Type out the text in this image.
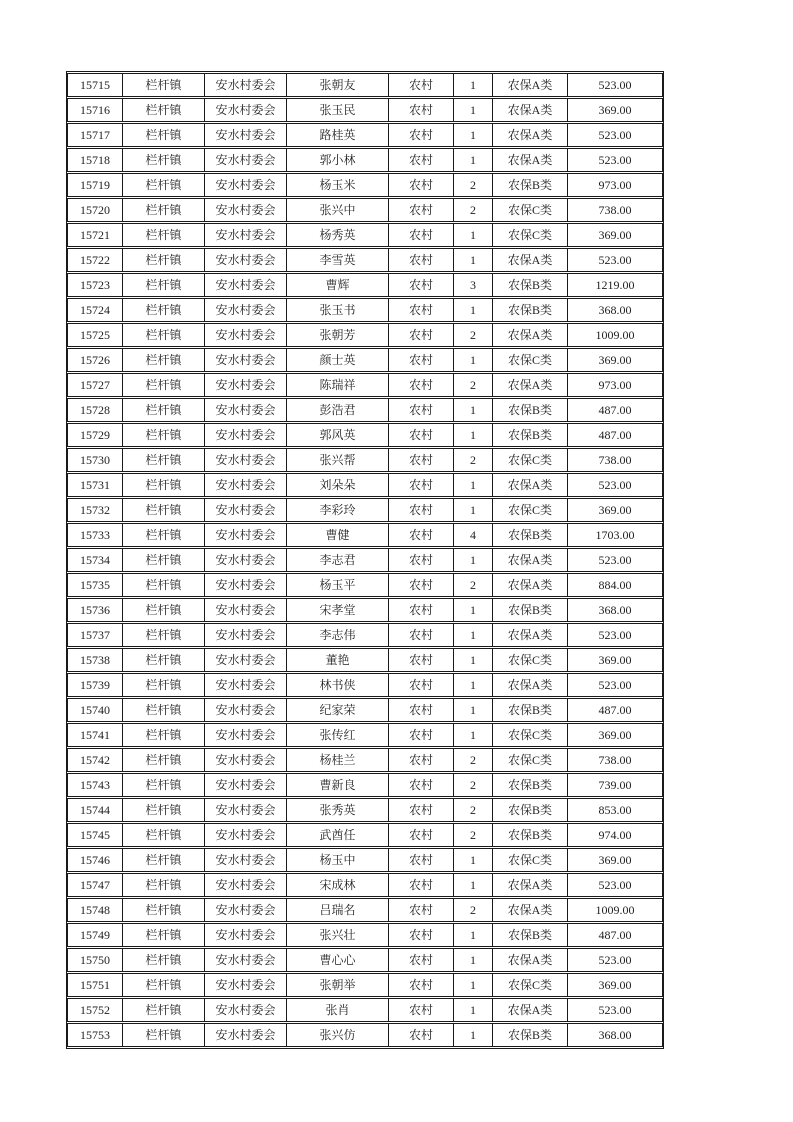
15715	栏杆镇	安水村委会	张朝友	农村	1	农保A类	523.00
15716	栏杆镇	安水村委会	张玉民	农村	1	农保A类	369.00
15717	栏杆镇	安水村委会	路桂英	农村	1	农保A类	523.00
15718	栏杆镇	安水村委会	郭小林	农村	1	农保A类	523.00
15719	栏杆镇	安水村委会	杨玉米	农村	2	农保B类	973.00
15720	栏杆镇	安水村委会	张兴中	农村	2	农保C类	738.00
15721	栏杆镇	安水村委会	杨秀英	农村	1	农保C类	369.00
15722	栏杆镇	安水村委会	李雪英	农村	1	农保A类	523.00
15723	栏杆镇	安水村委会	曹辉	农村	3	农保B类	1219.00
15724	栏杆镇	安水村委会	张玉书	农村	1	农保B类	368.00
15725	栏杆镇	安水村委会	张朝芳	农村	2	农保A类	1009.00
15726	栏杆镇	安水村委会	颜士英	农村	1	农保C类	369.00
15727	栏杆镇	安水村委会	陈瑞祥	农村	2	农保A类	973.00
15728	栏杆镇	安水村委会	彭浩君	农村	1	农保B类	487.00
15729	栏杆镇	安水村委会	郭风英	农村	1	农保B类	487.00
15730	栏杆镇	安水村委会	张兴帮	农村	2	农保C类	738.00
15731	栏杆镇	安水村委会	刘朵朵	农村	1	农保A类	523.00
15732	栏杆镇	安水村委会	李彩玲	农村	1	农保C类	369.00
15733	栏杆镇	安水村委会	曹健	农村	4	农保B类	1703.00
15734	栏杆镇	安水村委会	李志君	农村	1	农保A类	523.00
15735	栏杆镇	安水村委会	杨玉平	农村	2	农保A类	884.00
15736	栏杆镇	安水村委会	宋孝堂	农村	1	农保B类	368.00
15737	栏杆镇	安水村委会	李志伟	农村	1	农保A类	523.00
15738	栏杆镇	安水村委会	董艳	农村	1	农保C类	369.00
15739	栏杆镇	安水村委会	林书侠	农村	1	农保A类	523.00
15740	栏杆镇	安水村委会	纪家荣	农村	1	农保B类	487.00
15741	栏杆镇	安水村委会	张传红	农村	1	农保C类	369.00
15742	栏杆镇	安水村委会	杨桂兰	农村	2	农保C类	738.00
15743	栏杆镇	安水村委会	曹新良	农村	2	农保B类	739.00
15744	栏杆镇	安水村委会	张秀英	农村	2	农保B类	853.00
15745	栏杆镇	安水村委会	武酋任	农村	2	农保B类	974.00
15746	栏杆镇	安水村委会	杨玉中	农村	1	农保C类	369.00
15747	栏杆镇	安水村委会	宋成林	农村	1	农保A类	523.00
15748	栏杆镇	安水村委会	吕瑞名	农村	2	农保A类	1009.00
15749	栏杆镇	安水村委会	张兴壮	农村	1	农保B类	487.00
15750	栏杆镇	安水村委会	曹心心	农村	1	农保A类	523.00
15751	栏杆镇	安水村委会	张朝举	农村	1	农保C类	369.00
15752	栏杆镇	安水村委会	张肖	农村	1	农保A类	523.00
15753	栏杆镇	安水村委会	张兴仿	农村	1	农保B类	368.00
